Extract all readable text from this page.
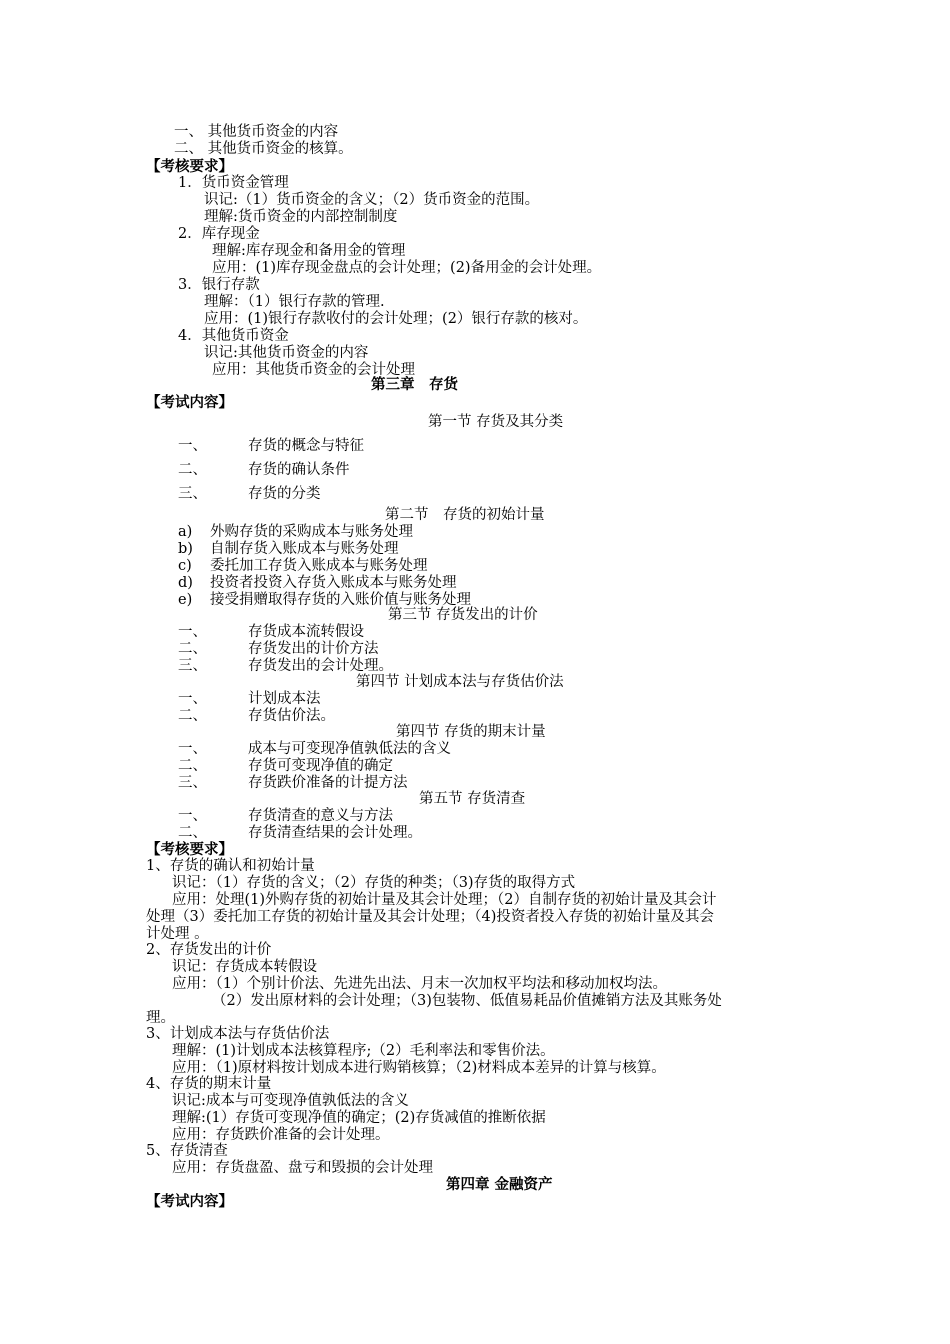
一、 其他货币资金的内容
二、 其他货币资金的核算。
【考核要求】
1．货币资金管理
识记:（1）货币资金的含义；（2）货币资金的范围。
理解:货币资金的内部控制制度
2．库存现金
理解:库存现金和备用金的管理
应用：(1)库存现金盘点的会计处理；(2)备用金的会计处理。
3．银行存款
理解：（1）银行存款的管理.
应用：(1)银行存款收付的会计处理；(2）银行存款的核对。
4．其他货币资金
识记:其他货币资金的内容
应用：其他货币资金的会计处理
第三章　存货
【考试内容】
第一节 存货及其分类
一、	存货的概念与特征
二、	存货的确认条件
三、	存货的分类
第二节　存货的初始计量
a) 外购存货的采购成本与账务处理
b) 自制存货入账成本与账务处理
c) 委托加工存货入账成本与账务处理
d) 投资者投资入存货入账成本与账务处理
e) 接受捐赠取得存货的入账价值与账务处理
第三节 存货发出的计价
一、	存货成本流转假设
二、	存货发出的计价方法
三、	存货发出的会计处理。
第四节 计划成本法与存货估价法
一、	计划成本法
二、	存货估价法。
第四节 存货的期末计量
一、	成本与可变现净值孰低法的含义
二、	存货可变现净值的确定
三、	存货跌价准备的计提方法
第五节 存货清查
一、	存货清查的意义与方法
二、	存货清查结果的会计处理。
【考核要求】
1、存货的确认和初始计量
识记：（1）存货的含义；（2）存货的种类；（3)存货的取得方式
应用：处理(1)外购存货的初始计量及其会计处理；（2）自制存货的初始计量及其会计
处理（3）委托加工存货的初始计量及其会计处理；（4)投资者投入存货的初始计量及其会
计处理 。
2、存货发出的计价
识记：存货成本转假设
应用：（1）个别计价法、先进先出法、月末一次加权平均法和移动加权均法。
（2）发出原材料的会计处理；（3)包装物、低值易耗品价值摊销方法及其账务处
理。
3、计划成本法与存货估价法
理解：(1)计划成本法核算程序;（2）毛利率法和零售价法。
应用：（1)原材料按计划成本进行购销核算；（2)材料成本差异的计算与核算。
4、存货的期末计量
识记:成本与可变现净值孰低法的含义
理解:(1）存货可变现净值的确定；(2)存货减值的推断依据
应用：存货跌价准备的会计处理。
5、存货清查
应用：存货盘盈、盘亏和毁损的会计处理
第四章 金融资产
【考试内容】
